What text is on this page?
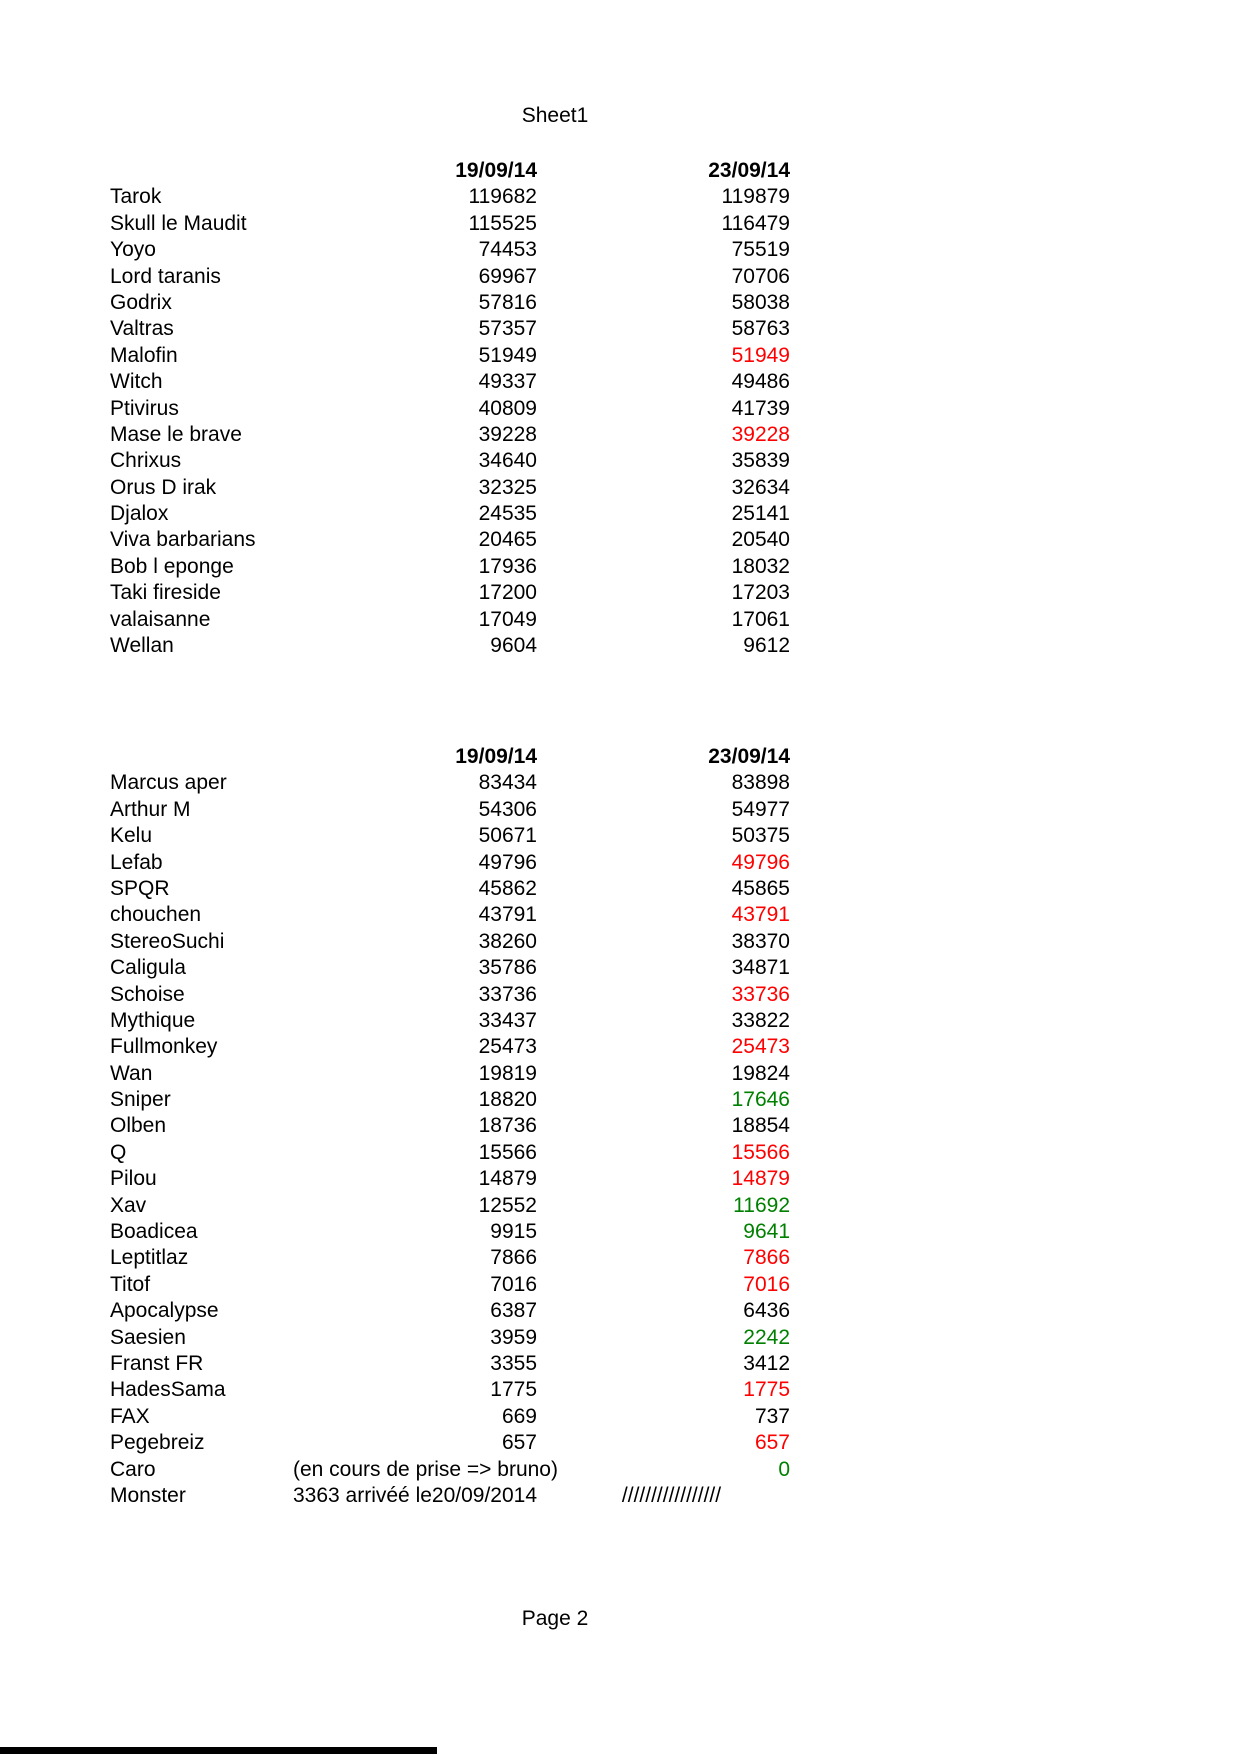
Sheet1
19/09/14	23/09/14
Tarok	119682	119879
Skull le Maudit	115525	116479
Yoyo	74453	75519
Lord taranis	69967	70706
Godrix	57816	58038
Valtras	57357	58763
Malofin	51949	51949
Witch	49337	49486
Ptivirus	40809	41739
Mase le brave	39228	39228
Chrixus	34640	35839
Orus D irak	32325	32634
Djalox	24535	25141
Viva barbarians	20465	20540
Bob l eponge	17936	18032
Taki fireside	17200	17203
valaisanne	17049	17061
Wellan	9604	9612
19/09/14	23/09/14
Marcus aper	83434	83898
Arthur M	54306	54977
Kelu	50671	50375
Lefab	49796	49796
SPQR	45862	45865
chouchen	43791	43791
StereoSuchi	38260	38370
Caligula	35786	34871
Schoise	33736	33736
Mythique	33437	33822
Fullmonkey	25473	25473
Wan	19819	19824
Sniper	18820	17646
Olben	18736	18854
Q	15566	15566
Pilou	14879	14879
Xav	12552	11692
Boadicea	9915	9641
Leptitlaz	7866	7866
Titof	7016	7016
Apocalypse	6387	6436
Saesien	3959	2242
Franst FR	3355	3412
HadesSama	1775	1775
FAX	669	737
Pegebreiz	657	657
Caro	(en cours de prise => bruno)	0
Monster	3363 arrivéé le20/09/2014	/////////////////
Page 2
